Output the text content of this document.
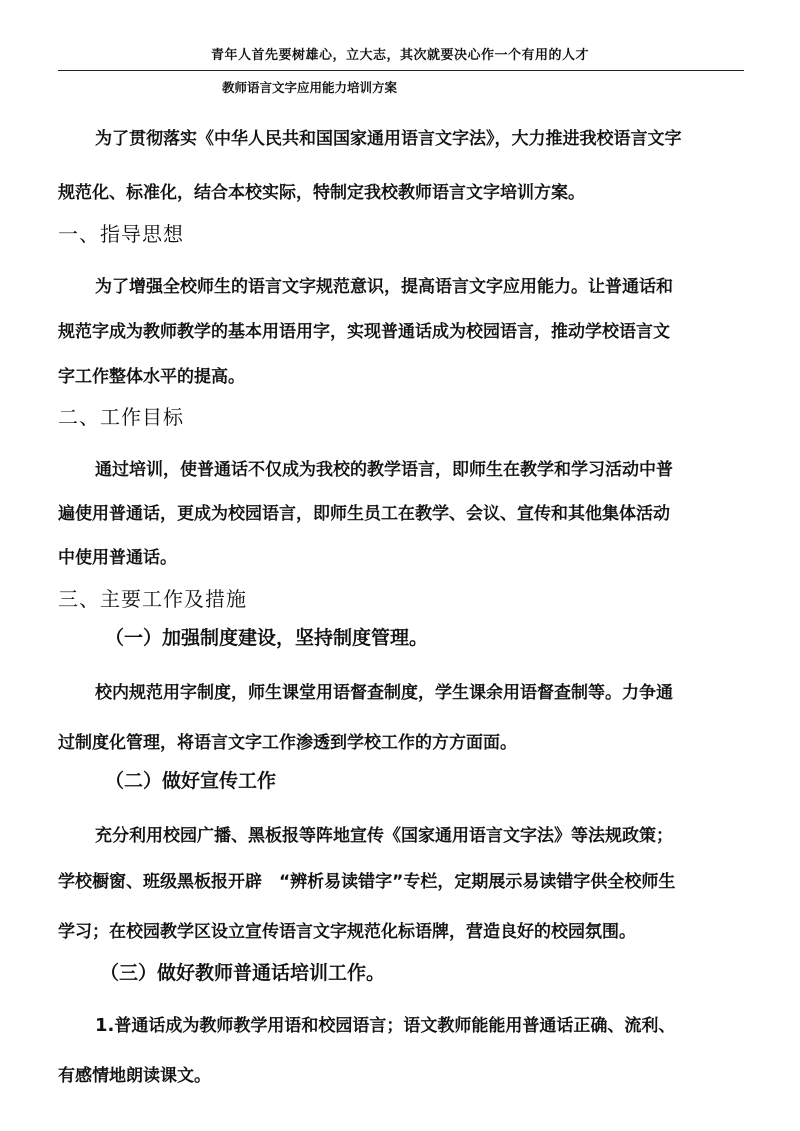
青年人首先要树雄心，立大志，其次就要决心作一个有用的人才
教师语言文字应用能力培训方案
为了贯彻落实《中华人民共和国国家通用语言文字法》，大力推进我校语言文字
规范化、标准化，结合本校实际，特制定我校教师语言文字培训方案。
一、指导思想
为了增强全校师生的语言文字规范意识，提高语言文字应用能力。让普通话和
规范字成为教师教学的基本用语用字，实现普通话成为校园语言，推动学校语言文
字工作整体水平的提高。
二、工作目标
通过培训，使普通话不仅成为我校的教学语言，即师生在教学和学习活动中普
遍使用普通话，更成为校园语言，即师生员工在教学、会议、宣传和其他集体活动
中使用普通话。
三、主要工作及措施
（一）加强制度建设，坚持制度管理。
校内规范用字制度，师生课堂用语督查制度，学生课余用语督查制等。力争通
过制度化管理，将语言文字工作渗透到学校工作的方方面面。
（二）做好宣传工作
充分利用校园广播、黑板报等阵地宣传《国家通用语言文字法》等法规政策；
学校橱窗、班级黑板报开辟　“辨析易读错字”专栏，定期展示易读错字供全校师生
学习；在校园教学区设立宣传语言文字规范化标语牌，营造良好的校园氛围。
（三）做好教师普通话培训工作。
1.普通话成为教师教学用语和校园语言；语文教师能能用普通话正确、流利、
有感情地朗读课文。
